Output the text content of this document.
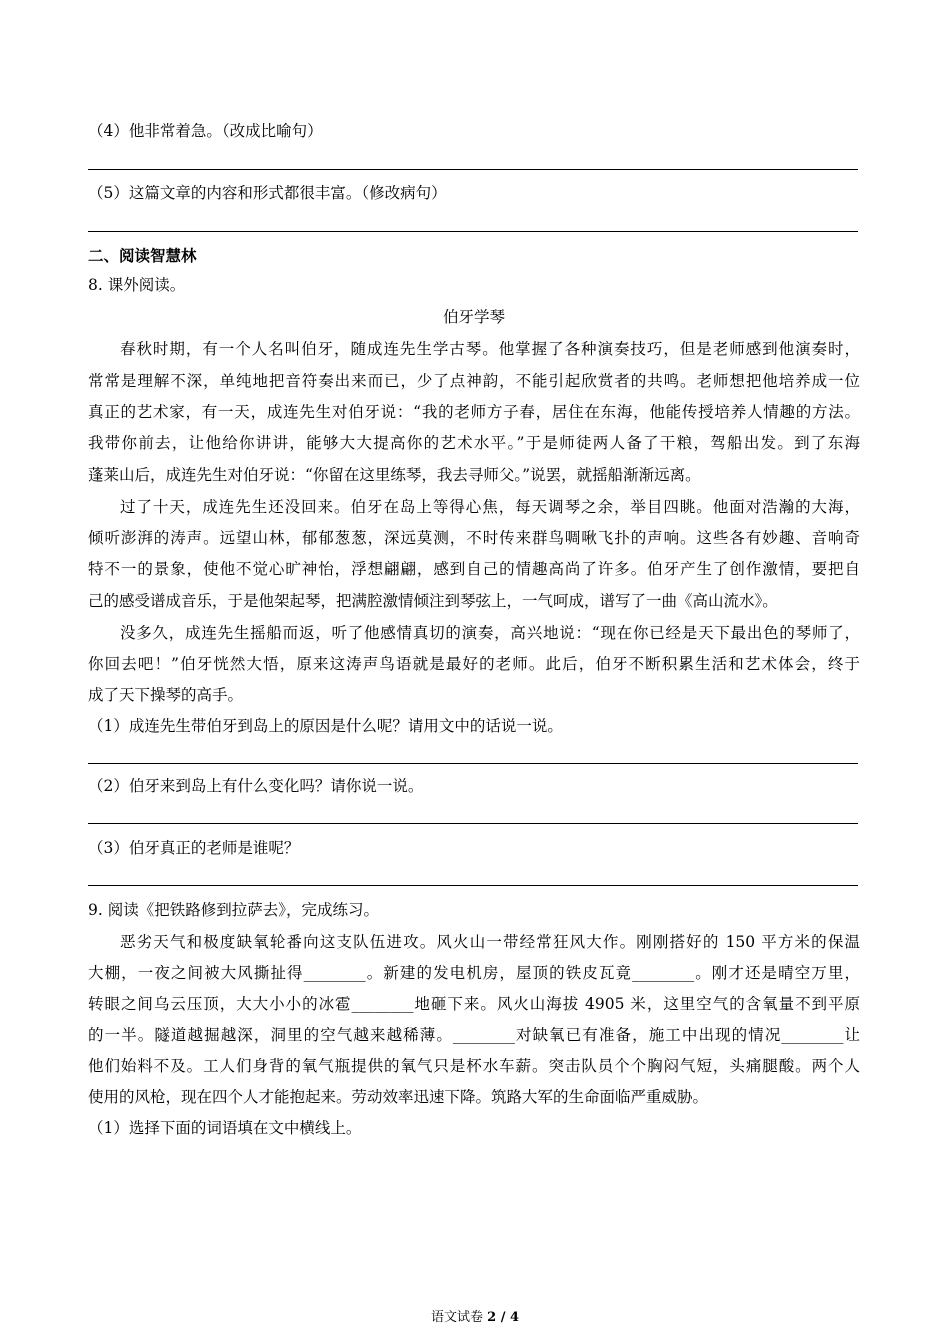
（4）他非常着急。（改成比喻句）
（5）这篇文章的内容和形式都很丰富。（修改病句）
二、阅读智慧林
8. 课外阅读。
伯牙学琴
春秋时期，有一个人名叫伯牙，随成连先生学古琴。他掌握了各种演奏技巧，但是老师感到他演奏时，
常常是理解不深，单纯地把音符奏出来而已，少了点神韵，不能引起欣赏者的共鸣。老师想把他培养成一位
真正的艺术家，有一天，成连先生对伯牙说：“我的老师方子春，居住在东海，他能传授培养人情趣的方法。
我带你前去，让他给你讲讲，能够大大提高你的艺术水平。”于是师徒两人备了干粮，驾船出发。到了东海
蓬莱山后，成连先生对伯牙说：“你留在这里练琴，我去寻师父。”说罢，就摇船渐渐远离。
过了十天，成连先生还没回来。伯牙在岛上等得心焦，每天调琴之余，举目四眺。他面对浩瀚的大海，
倾听澎湃的涛声。远望山林，郁郁葱葱，深远莫测，不时传来群鸟啁啾飞扑的声响。这些各有妙趣、音响奇
特不一的景象，使他不觉心旷神怡，浮想翩翩，感到自己的情趣高尚了许多。伯牙产生了创作激情，要把自
己的感受谱成音乐，于是他架起琴，把满腔激情倾注到琴弦上，一气呵成，谱写了一曲《高山流水》。
没多久，成连先生摇船而返，听了他感情真切的演奏，高兴地说：“现在你已经是天下最出色的琴师了，
你回去吧！”伯牙恍然大悟，原来这涛声鸟语就是最好的老师。此后，伯牙不断积累生活和艺术体会，终于
成了天下操琴的高手。
（1）成连先生带伯牙到岛上的原因是什么呢？请用文中的话说一说。
（2）伯牙来到岛上有什么变化吗？请你说一说。
（3）伯牙真正的老师是谁呢？
9. 阅读《把铁路修到拉萨去》，完成练习。
恶劣天气和极度缺氧轮番向这支队伍进攻。风火山一带经常狂风大作。刚刚搭好的 150 平方米的保温
大棚，一夜之间被大风撕扯得________。新建的发电机房，屋顶的铁皮瓦竟________。刚才还是晴空万里，
转眼之间乌云压顶，大大小小的冰雹________地砸下来。风火山海拔 4905 米，这里空气的含氧量不到平原
的一半。隧道越掘越深，洞里的空气越来越稀薄。________对缺氧已有准备，施工中出现的情况________让
他们始料不及。工人们身背的氧气瓶提供的氧气只是杯水车薪。突击队员个个胸闷气短，头痛腿酸。两个人
使用的风枪，现在四个人才能抱起来。劳动效率迅速下降。筑路大军的生命面临严重威胁。
（1）选择下面的词语填在文中横线上。
语文试卷 2 / 4
